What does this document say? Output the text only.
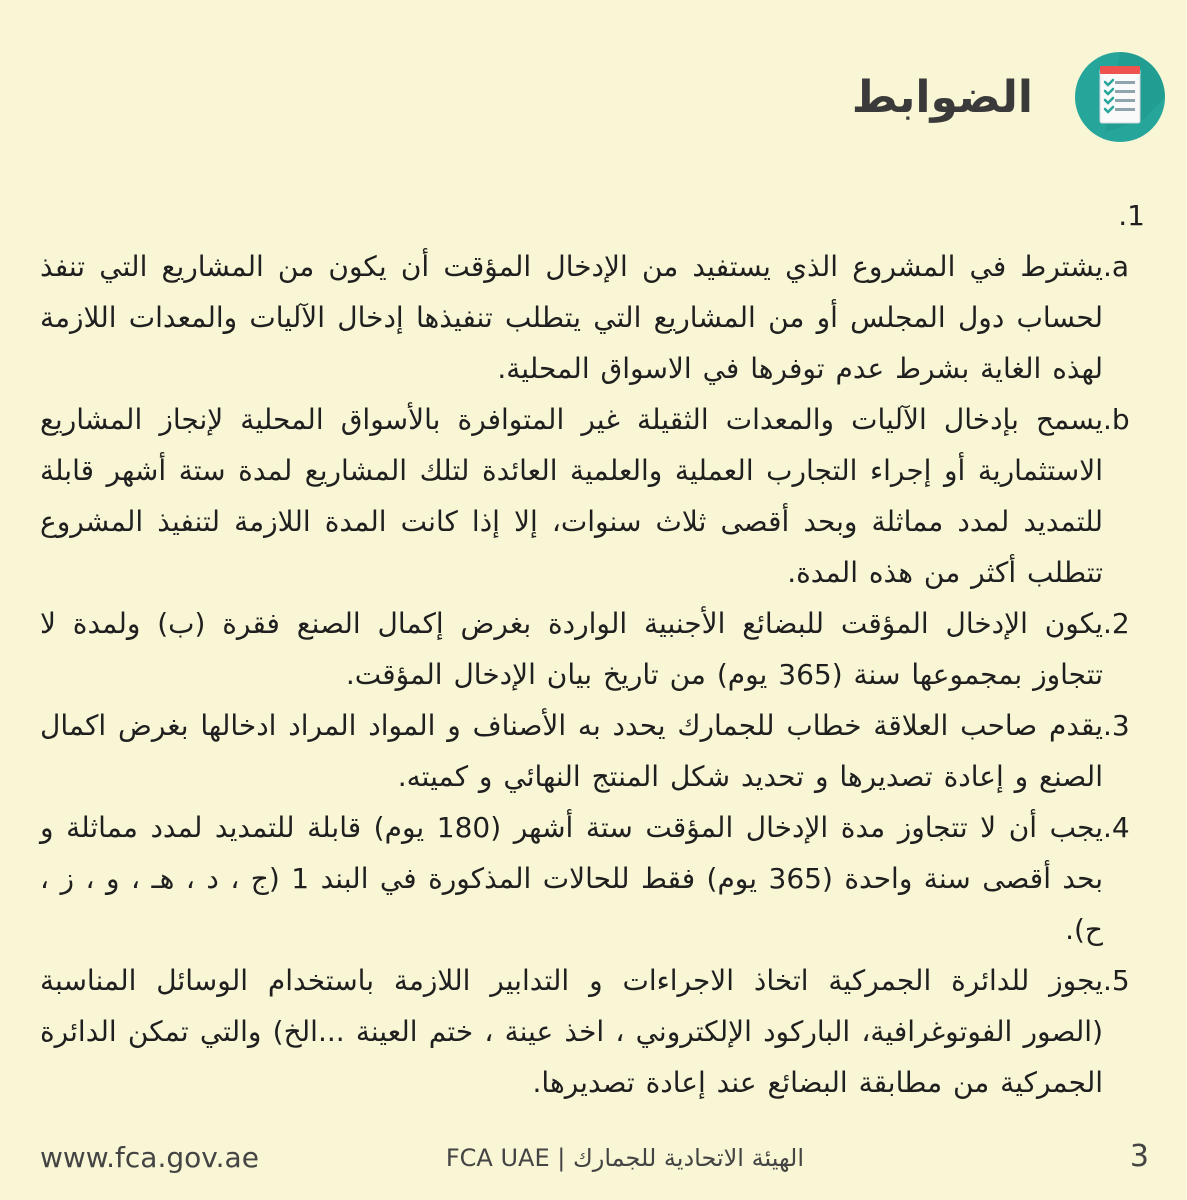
الضوابط
.1
.a
يشترط في المشروع الذي يستفيد من الإدخال المؤقت أن يكون من المشاريع التي تنفذ لحساب دول المجلس أو من المشاريع التي يتطلب تنفيذها إدخال الآليات والمعدات اللازمة لهذه الغاية بشرط عدم توفرها في الاسواق المحلية.
.b
يسمح بإدخال الآليات والمعدات الثقيلة غير المتوافرة بالأسواق المحلية لإنجاز المشاريع الاستثمارية أو إجراء التجارب العملية والعلمية العائدة لتلك المشاريع لمدة ستة أشهر قابلة للتمديد لمدد مماثلة وبحد أقصى ثلاث سنوات، إلا إذا كانت المدة اللازمة لتنفيذ المشروع تتطلب أكثر من هذه المدة.
.2
يكون الإدخال المؤقت للبضائع الأجنبية الواردة بغرض إكمال الصنع فقرة (ب) ولمدة لا تتجاوز بمجموعها سنة (365 يوم) من تاريخ بيان الإدخال المؤقت.
.3
يقدم صاحب العلاقة خطاب للجمارك يحدد به الأصناف و المواد المراد ادخالها بغرض اكمال الصنع و إعادة تصديرها و تحديد شكل المنتج النهائي و كميته.
.4
يجب أن لا تتجاوز مدة الإدخال المؤقت ستة أشهر (180 يوم) قابلة للتمديد لمدد مماثلة و بحد أقصى سنة واحدة (365 يوم) فقط للحالات المذكورة في البند 1 (ج ، د ، هـ ، و ، ز ، ح).
.5
يجوز للدائرة الجمركية اتخاذ الاجراءات و التدابير اللازمة باستخدام الوسائل المناسبة (الصور الفوتوغرافية، الباركود الإلكتروني ، اخذ عينة ، ختم العينة ...الخ) والتي تمكن الدائرة الجمركية من مطابقة البضائع عند إعادة تصديرها.
www.fca.gov.ae	الهيئة الاتحادية للجمارك | FCA UAE	3
